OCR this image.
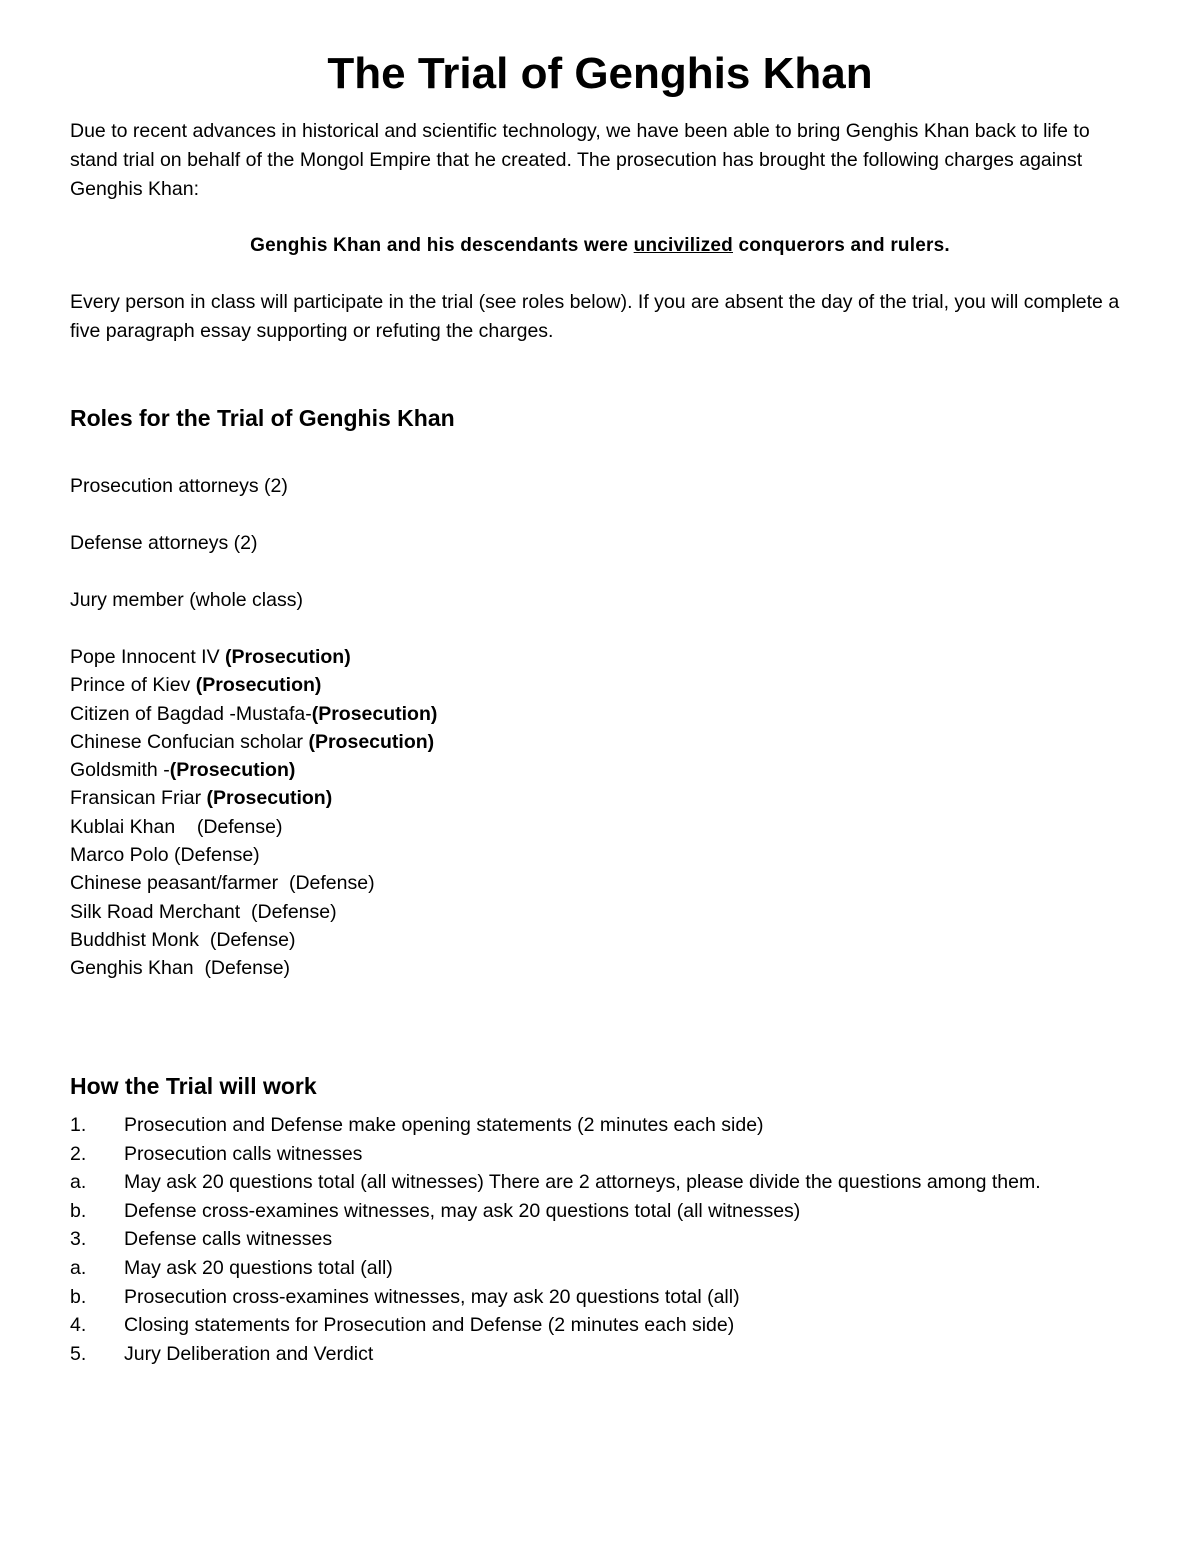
The Trial of Genghis Khan

Due to recent advances in historical and scientific technology, we have been able to bring Genghis Khan back to life to stand trial on behalf of the Mongol Empire that he created. The prosecution has brought the following charges against Genghis Khan:

Genghis Khan and his descendants were uncivilized conquerors and rulers.

Every person in class will participate in the trial (see roles below). If you are absent the day of the trial, you will complete a five paragraph essay supporting or refuting the charges.

Roles for the Trial of Genghis Khan

Prosecution attorneys (2)

Defense attorneys (2)

Jury member (whole class)

Pope Innocent IV (Prosecution)
Prince of Kiev (Prosecution)
Citizen of Bagdad -Mustafa-(Prosecution)
Chinese Confucian scholar (Prosecution)
Goldsmith -(Prosecution)
Fransican Friar (Prosecution)
Kublai Khan    (Defense)
Marco Polo (Defense)
Chinese peasant/farmer  (Defense)
Silk Road Merchant  (Defense)
Buddhist Monk  (Defense)
Genghis Khan  (Defense)
How the Trial will work
1. Prosecution and Defense make opening statements (2 minutes each side)
2. Prosecution calls witnesses
a. May ask 20 questions total (all witnesses) There are 2 attorneys, please divide the questions among them.
b. Defense cross-examines witnesses, may ask 20 questions total (all witnesses)
3. Defense calls witnesses
a. May ask 20 questions total (all)
b. Prosecution cross-examines witnesses, may ask 20 questions total (all)
4. Closing statements for Prosecution and Defense (2 minutes each side)
5. Jury Deliberation and Verdict
